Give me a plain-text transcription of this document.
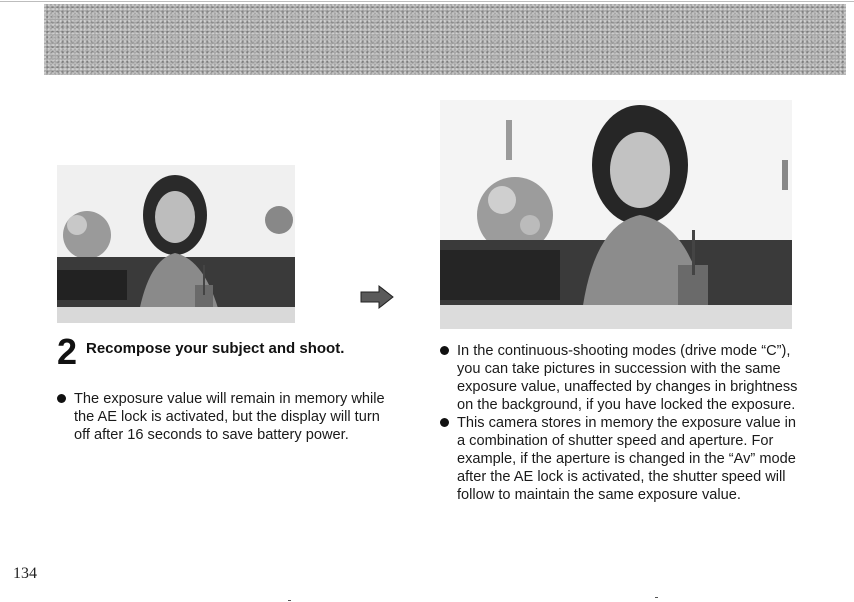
2 Recompose your subject and shoot.

The exposure value will remain in memory while the AE lock is activated, but the display will turn off after 16 seconds to save battery power.

In the continuous-shooting modes (drive mode “C”), you can take pictures in succession with the same exposure value, unaffected by changes in brightness on the background, if you have locked the exposure.

This camera stores in memory the exposure value in a combination of shutter speed and aperture. For example, if the aperture is changed in the “Av” mode after the AE lock is activated, the shutter speed will follow to maintain the same exposure value.

134
